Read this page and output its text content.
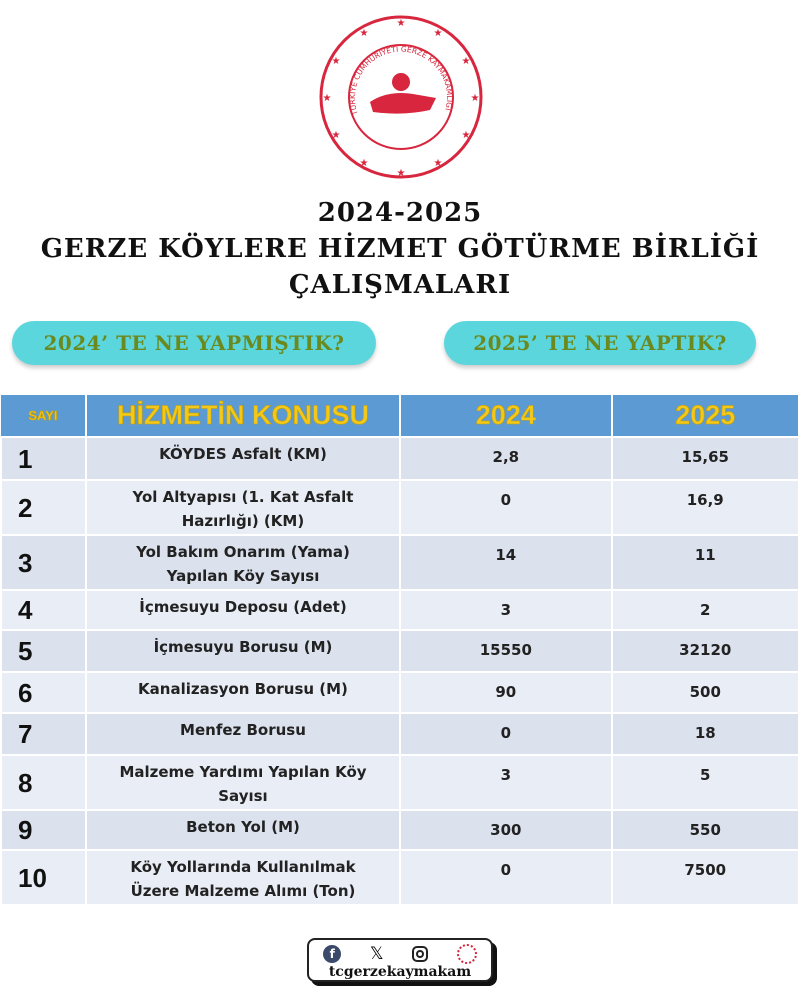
TÜRKİYE CUMHURİYETİ GERZE KAYMAKAMLIĞI
★
★
★
★
★
★
★
★
★
★
★
★
2024-2025
GERZE KÖYLERE HİZMET GÖTÜRME BİRLİĞİ
ÇALIŞMALARI
2024’ TE NE YAPMIŞTIK?	2025’ TE NE YAPTIK?
SAYI	HİZMETİN KONUSU	2024	2025
1	KÖYDES Asfalt (KM)	2,8	15,65
2	Yol Altyapısı (1. Kat Asfalt Hazırlığı) (KM)	0	16,9
3	Yol Bakım Onarım (Yama) Yapılan Köy Sayısı	14	11
4	İçmesuyu Deposu (Adet)	3	2
5	İçmesuyu Borusu (M)	15550	32120
6	Kanalizasyon Borusu (M)	90	500
7	Menfez Borusu	0	18
8	Malzeme Yardımı Yapılan Köy Sayısı	3	5
9	Beton Yol (M)	300	550
10	Köy Yollarında Kullanılmak Üzere Malzeme Alımı (Ton)	0	7500
f	𝕏
tcgerzekaymakam
